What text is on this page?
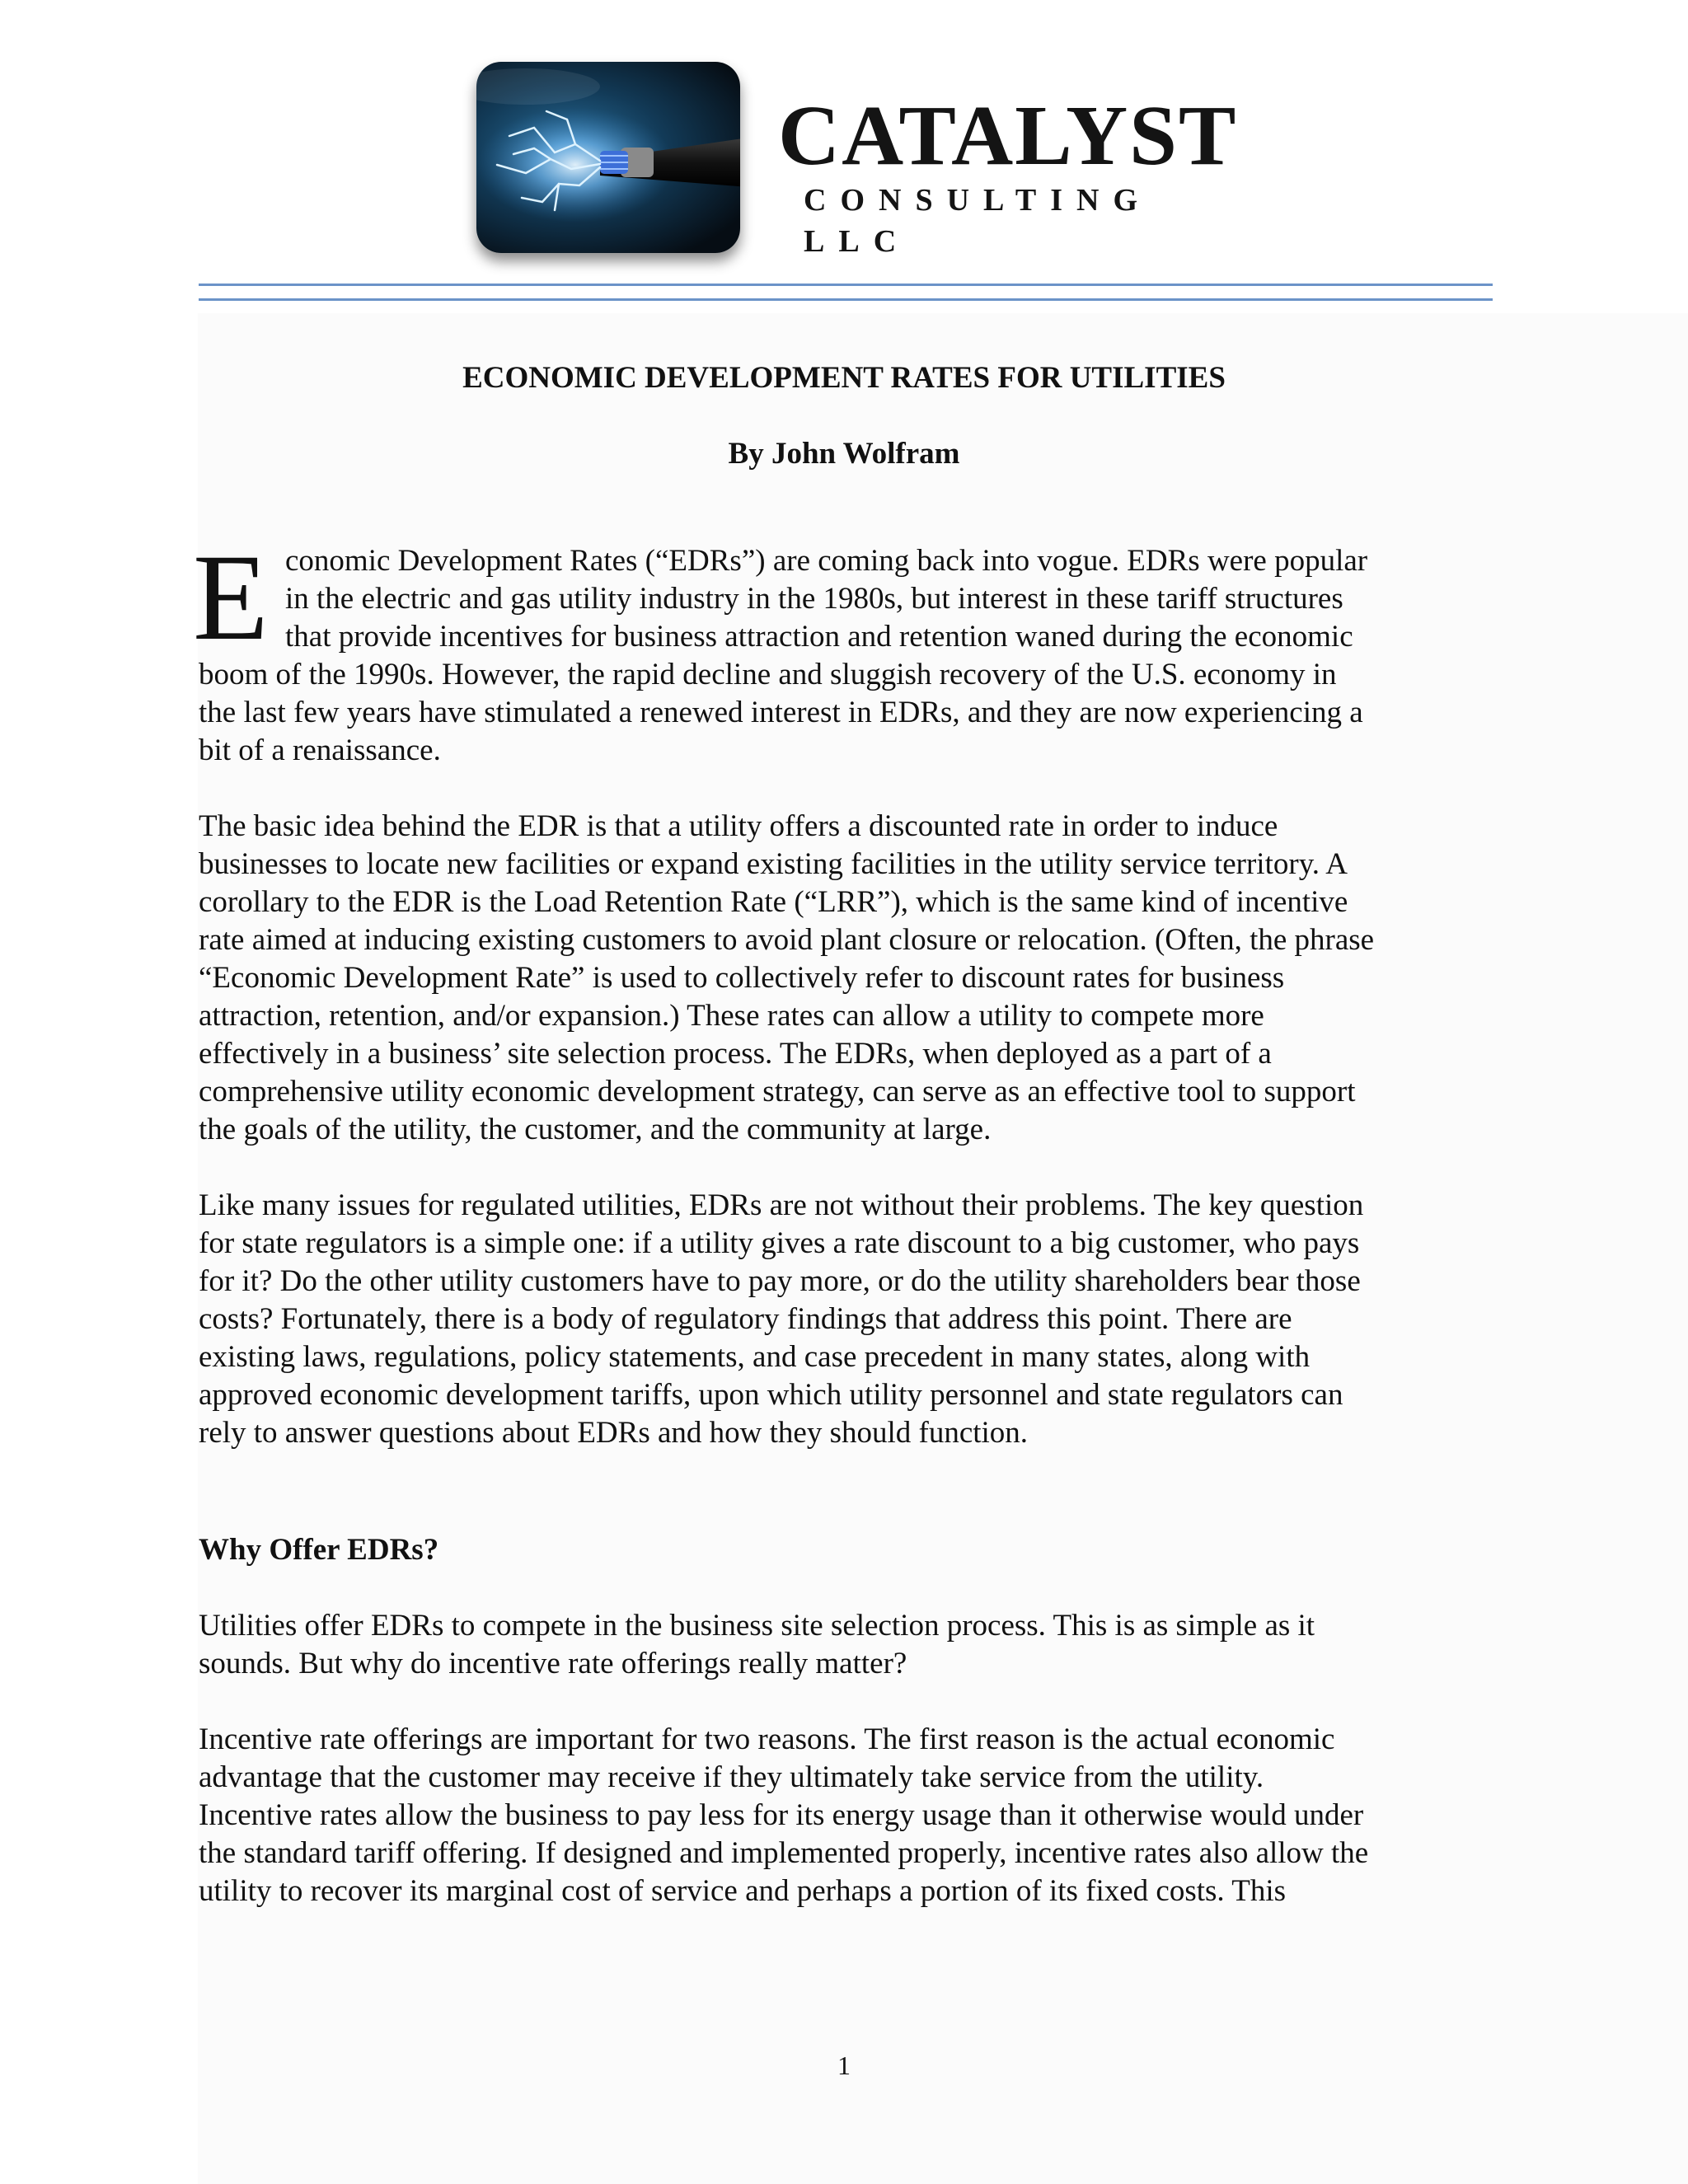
CATALYST
CONSULTING LLC
ECONOMIC DEVELOPMENT RATES FOR UTILITIES
By John Wolfram
E conomic Development Rates (“EDRs”) are coming back into vogue. EDRs were popular
in the electric and gas utility industry in the 1980s, but interest in these tariff structures
that provide incentives for business attraction and retention waned during the economic
boom of the 1990s. However, the rapid decline and sluggish recovery of the U.S. economy in
the last few years have stimulated a renewed interest in EDRs, and they are now experiencing a
bit of a renaissance.
The basic idea behind the EDR is that a utility offers a discounted rate in order to induce
businesses to locate new facilities or expand existing facilities in the utility service territory. A
corollary to the EDR is the Load Retention Rate (“LRR”), which is the same kind of incentive
rate aimed at inducing existing customers to avoid plant closure or relocation. (Often, the phrase
“Economic Development Rate” is used to collectively refer to discount rates for business
attraction, retention, and/or expansion.) These rates can allow a utility to compete more
effectively in a business’ site selection process. The EDRs, when deployed as a part of a
comprehensive utility economic development strategy, can serve as an effective tool to support
the goals of the utility, the customer, and the community at large.
Like many issues for regulated utilities, EDRs are not without their problems. The key question
for state regulators is a simple one: if a utility gives a rate discount to a big customer, who pays
for it? Do the other utility customers have to pay more, or do the utility shareholders bear those
costs? Fortunately, there is a body of regulatory findings that address this point. There are
existing laws, regulations, policy statements, and case precedent in many states, along with
approved economic development tariffs, upon which utility personnel and state regulators can
rely to answer questions about EDRs and how they should function.
Why Offer EDRs?
Utilities offer EDRs to compete in the business site selection process. This is as simple as it
sounds. But why do incentive rate offerings really matter?
Incentive rate offerings are important for two reasons. The first reason is the actual economic
advantage that the customer may receive if they ultimately take service from the utility.
Incentive rates allow the business to pay less for its energy usage than it otherwise would under
the standard tariff offering. If designed and implemented properly, incentive rates also allow the
utility to recover its marginal cost of service and perhaps a portion of its fixed costs. This
1
